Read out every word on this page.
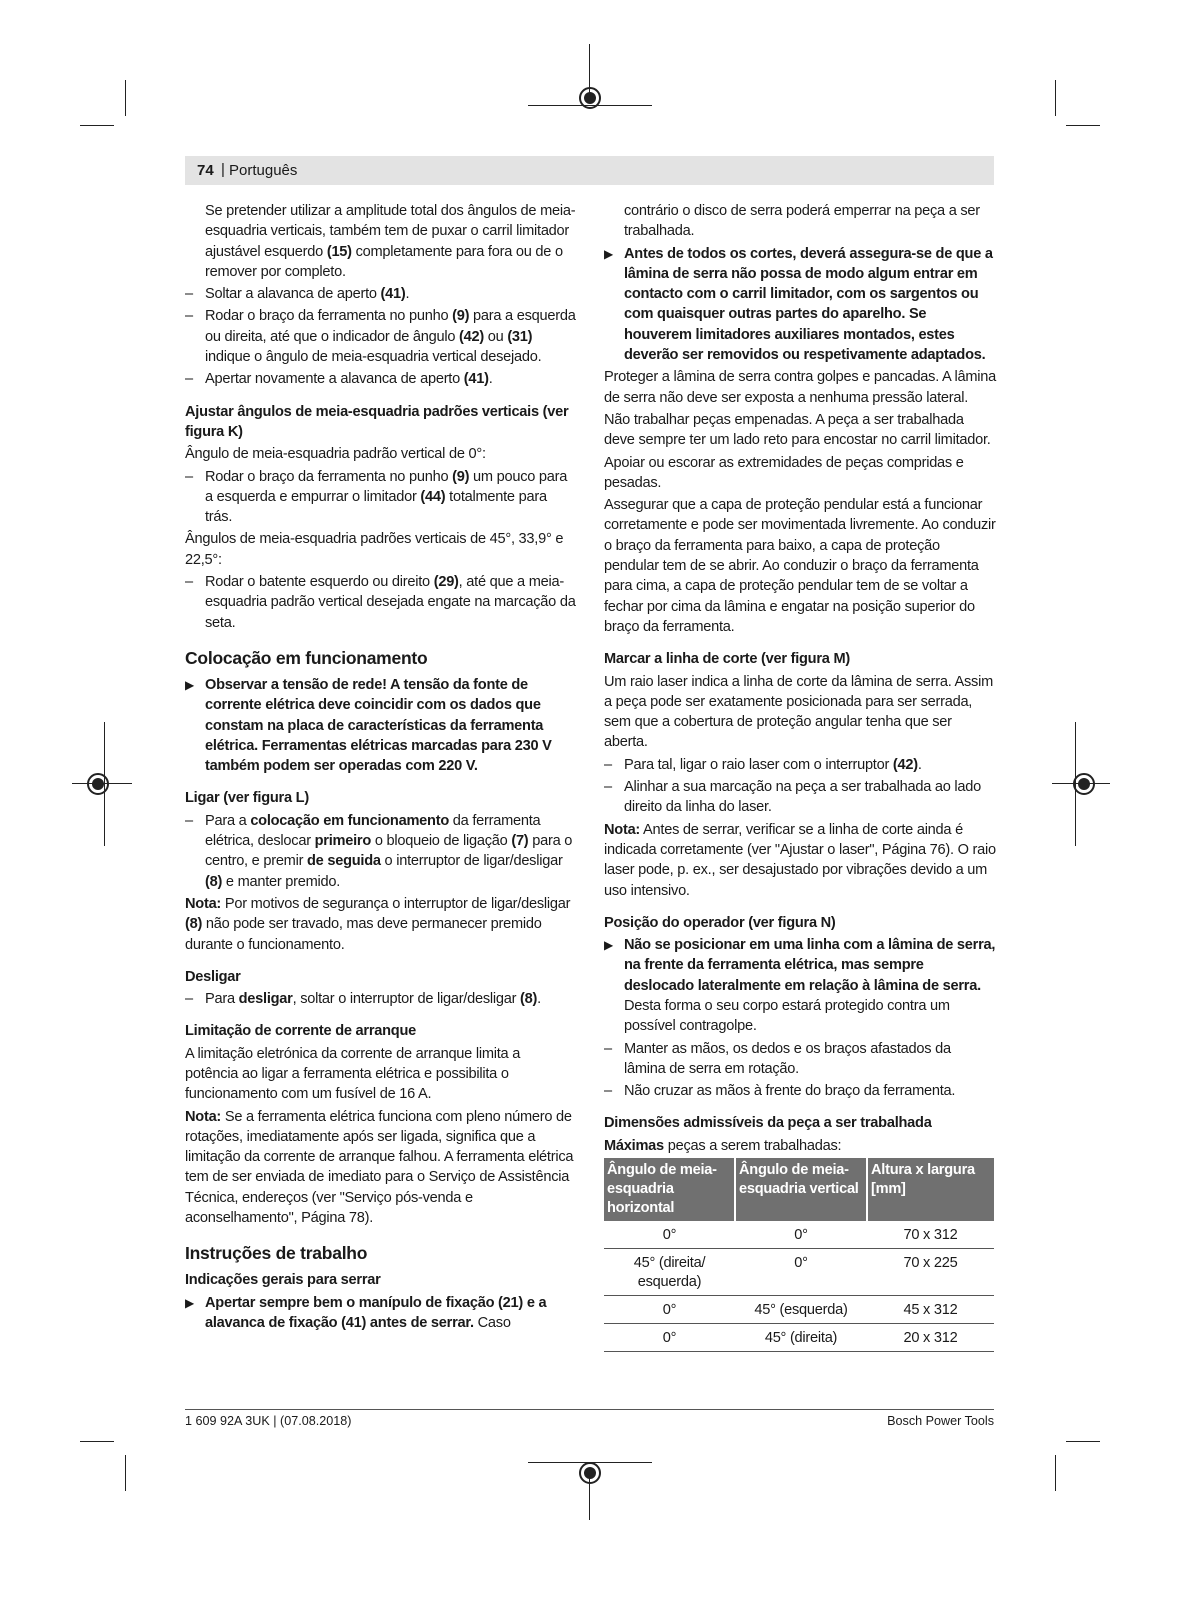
74 | Português

Se pretender utilizar a amplitude total dos ângulos de meia-esquadria verticais, também tem de puxar o carril limitador ajustável esquerdo (15) completamente para fora ou de o remover por completo.

– Soltar a alavanca de aperto (41).
– Rodar o braço da ferramenta no punho (9) para a esquerda ou direita, até que o indicador de ângulo (42) ou (31) indique o ângulo de meia-esquadria vertical desejado.
– Apertar novamente a alavanca de aperto (41).
Ajustar ângulos de meia-esquadria padrões verticais (ver figura K)

Ângulo de meia-esquadria padrão vertical de 0°:

– Rodar o braço da ferramenta no punho (9) um pouco para a esquerda e empurrar o limitador (44) totalmente para trás.

Ângulos de meia-esquadria padrões verticais de 45°, 33,9° e 22,5°:

– Rodar o batente esquerdo ou direito (29), até que a meia-esquadria padrão vertical desejada engate na marcação da seta.
Colocação em funcionamento
▶ Observar a tensão de rede! A tensão da fonte de corrente elétrica deve coincidir com os dados que constam na placa de características da ferramenta elétrica. Ferramentas elétricas marcadas para 230 V também podem ser operadas com 220 V.
Ligar (ver figura L)
– Para a colocação em funcionamento da ferramenta elétrica, deslocar primeiro o bloqueio de ligação (7) para o centro, e premir de seguida o interruptor de ligar/desligar (8) e manter premido.

Nota: Por motivos de segurança o interruptor de ligar/desligar (8) não pode ser travado, mas deve permanecer premido durante o funcionamento.

Desligar
– Para desligar, soltar o interruptor de ligar/desligar (8).
Limitação de corrente de arranque

A limitação eletrónica da corrente de arranque limita a potência ao ligar a ferramenta elétrica e possibilita o funcionamento com um fusível de 16 A.

Nota: Se a ferramenta elétrica funciona com pleno número de rotações, imediatamente após ser ligada, significa que a limitação da corrente de arranque falhou. A ferramenta elétrica tem de ser enviada de imediato para o Serviço de Assistência Técnica, endereços (ver "Serviço pós-venda e aconselhamento", Página 78).

Instruções de trabalho
Indicações gerais para serrar
▶ Apertar sempre bem o manípulo de fixação (21) e a alavanca de fixação (41) antes de serrar. Caso

contrário o disco de serra poderá emperrar na peça a ser trabalhada.

▶ Antes de todos os cortes, deverá assegura-se de que a lâmina de serra não possa de modo algum entrar em contacto com o carril limitador, com os sargentos ou com quaisquer outras partes do aparelho. Se houverem limitadores auxiliares montados, estes deverão ser removidos ou respetivamente adaptados.

Proteger a lâmina de serra contra golpes e pancadas. A lâmina de serra não deve ser exposta a nenhuma pressão lateral.

Não trabalhar peças empenadas. A peça a ser trabalhada deve sempre ter um lado reto para encostar no carril limitador.

Apoiar ou escorar as extremidades de peças compridas e pesadas.

Assegurar que a capa de proteção pendular está a funcionar corretamente e pode ser movimentada livremente. Ao conduzir o braço da ferramenta para baixo, a capa de proteção pendular tem de se abrir. Ao conduzir o braço da ferramenta para cima, a capa de proteção pendular tem de se voltar a fechar por cima da lâmina e engatar na posição superior do braço da ferramenta.

Marcar a linha de corte (ver figura M)

Um raio laser indica a linha de corte da lâmina de serra. Assim a peça pode ser exatamente posicionada para ser serrada, sem que a cobertura de proteção angular tenha que ser aberta.

– Para tal, ligar o raio laser com o interruptor (42).
– Alinhar a sua marcação na peça a ser trabalhada ao lado direito da linha do laser.

Nota: Antes de serrar, verificar se a linha de corte ainda é indicada corretamente (ver "Ajustar o laser", Página 76). O raio laser pode, p. ex., ser desajustado por vibrações devido a um uso intensivo.

Posição do operador (ver figura N)
▶ Não se posicionar em uma linha com a lâmina de serra, na frente da ferramenta elétrica, mas sempre deslocado lateralmente em relação à lâmina de serra. Desta forma o seu corpo estará protegido contra um possível contragolpe.
– Manter as mãos, os dedos e os braços afastados da lâmina de serra em rotação.
– Não cruzar as mãos à frente do braço da ferramenta.
Dimensões admissíveis da peça a ser trabalhada

Máximas peças a serem trabalhadas:

Ângulo de meia-esquadria horizontal	Ângulo de meia-esquadria vertical	Altura x largura [mm]
0°	0°	70 x 312
45° (direita/ esquerda)	0°	70 x 225
0°	45° (esquerda)	45 x 312
0°	45° (direita)	20 x 312
1 609 92A 3UK | (07.08.2018)	Bosch Power Tools
